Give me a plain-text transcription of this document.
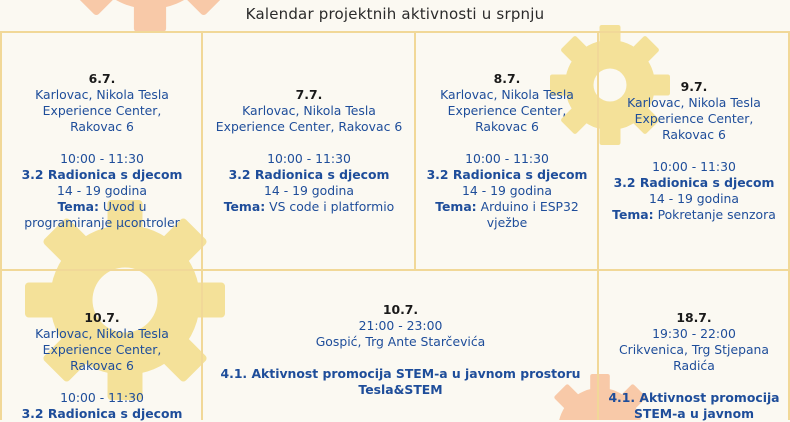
Kalendar projektnih aktivnosti u srpnju

6.7.

Karlovac, Nikola Tesla

Experience Center,

Rakovac 6

10:00 - 11:30

3.2 Radionica s djecom

14 - 19 godina

Tema: Uvod u

programiranje µcontroler

7.7.

Karlovac, Nikola Tesla

Experience Center, Rakovac 6

10:00 - 11:30

3.2 Radionica s djecom

14 - 19 godina

Tema: VS code i platformio

8.7.

Karlovac, Nikola Tesla

Experience Center,

Rakovac 6

10:00 - 11:30

3.2 Radionica s djecom

14 - 19 godina

Tema: Arduino i ESP32

vježbe

9.7.

Karlovac, Nikola Tesla

Experience Center,

Rakovac 6

10:00 - 11:30

3.2 Radionica s djecom

14 - 19 godina

Tema: Pokretanje senzora

10.7.

Karlovac, Nikola Tesla

Experience Center,

Rakovac 6

10:00 - 11:30

3.2 Radionica s djecom

10.7.

21:00 - 23:00

Gospić, Trg Ante Starčevića

4.1. Aktivnost promocija STEM-a u javnom prostoru

Tesla&STEM

18.7.

19:30 - 22:00

Crikvenica, Trg Stjepana

Radića

4.1. Aktivnost promocija

STEM-a u javnom
